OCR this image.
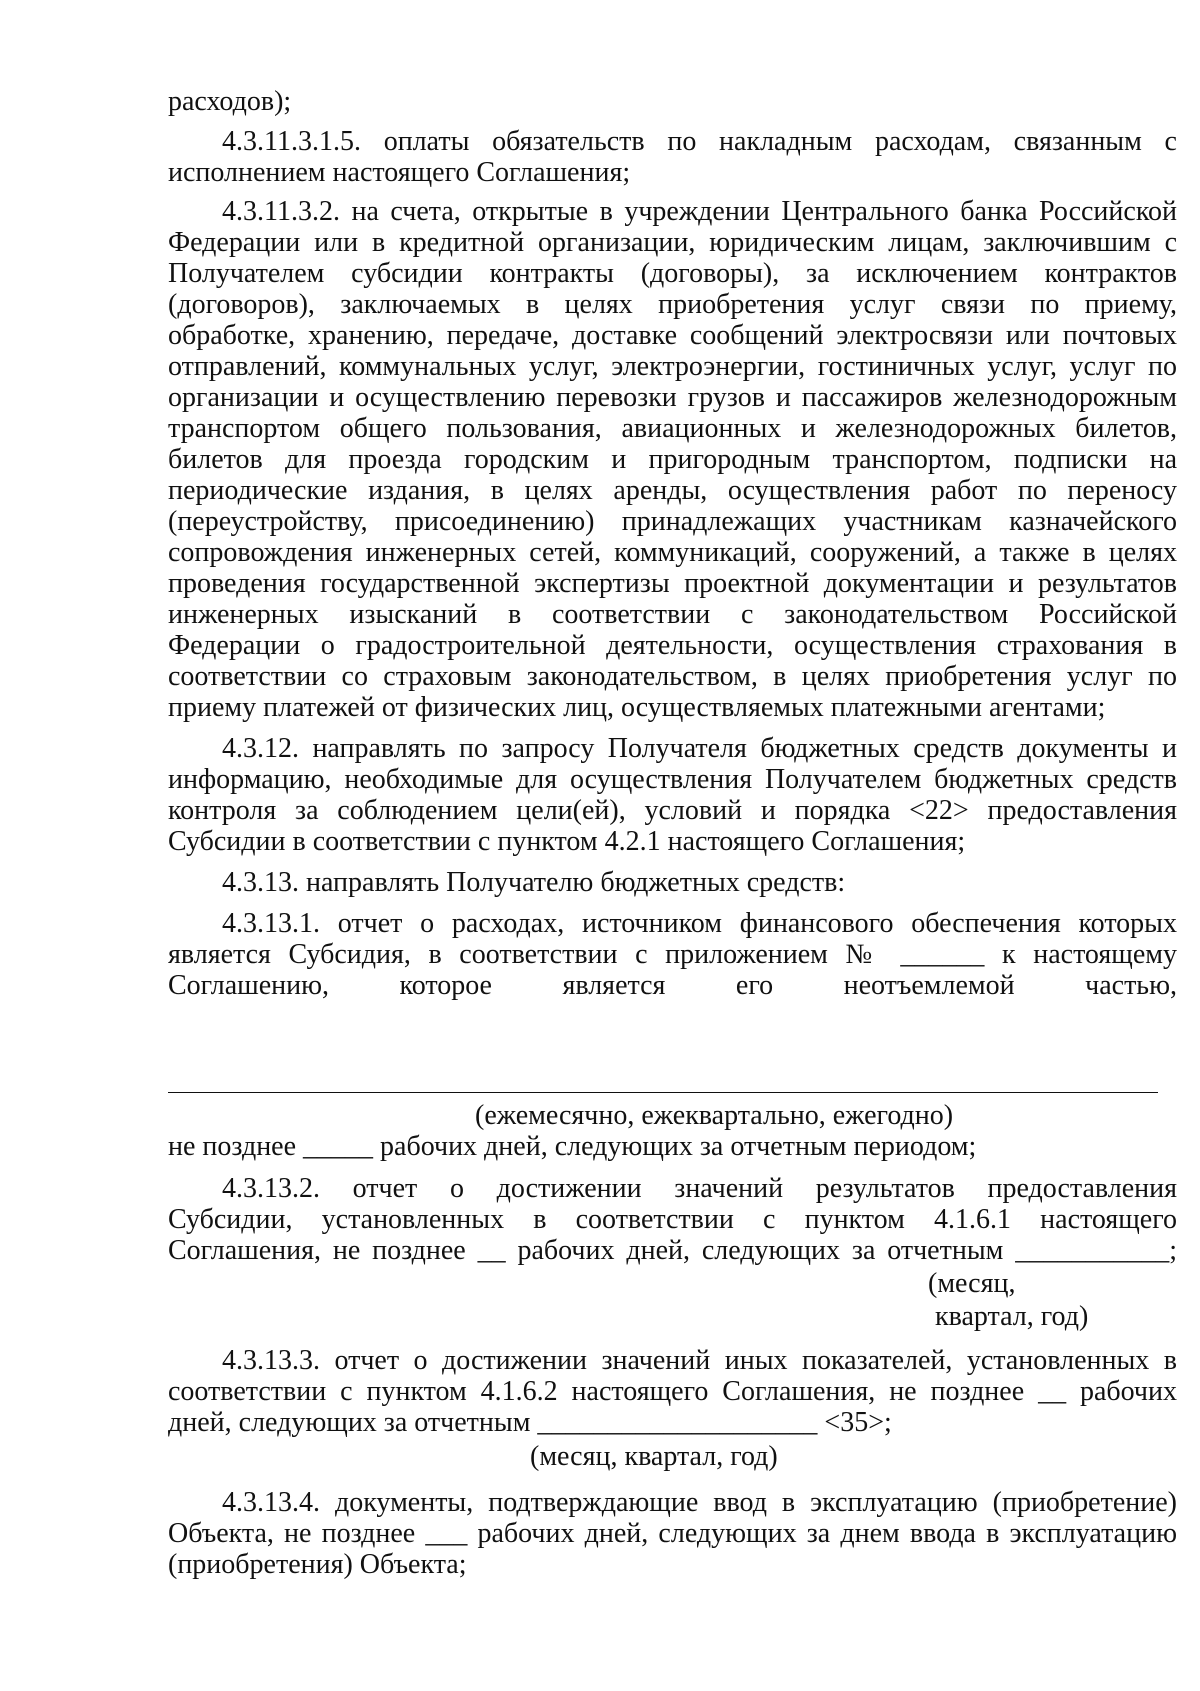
расходов);
4.3.11.3.1.5. оплаты обязательств по накладным расходам, связанным с
исполнением настоящего Соглашения;
4.3.11.3.2. на счета, открытые в учреждении Центрального банка Российской
Федерации или в кредитной организации, юридическим лицам, заключившим с
Получателем субсидии контракты (договоры), за исключением контрактов
(договоров), заключаемых в целях приобретения услуг связи по приему,
обработке, хранению, передаче, доставке сообщений электросвязи или почтовых
отправлений, коммунальных услуг, электроэнергии, гостиничных услуг, услуг по
организации и осуществлению перевозки грузов и пассажиров железнодорожным
транспортом общего пользования, авиационных и железнодорожных билетов,
билетов для проезда городским и пригородным транспортом, подписки на
периодические издания, в целях аренды, осуществления работ по переносу
(переустройству, присоединению) принадлежащих участникам казначейского
сопровождения инженерных сетей, коммуникаций, сооружений, а также в целях
проведения государственной экспертизы проектной документации и результатов
инженерных изысканий в соответствии с законодательством Российской
Федерации о градостроительной деятельности, осуществления страхования в
соответствии со страховым законодательством, в целях приобретения услуг по
приему платежей от физических лиц, осуществляемых платежными агентами;
4.3.12. направлять по запросу Получателя бюджетных средств документы и
информацию, необходимые для осуществления Получателем бюджетных средств
контроля за соблюдением цели(ей), условий и порядка <22> предоставления
Субсидии в соответствии с пунктом 4.2.1 настоящего Соглашения;
4.3.13. направлять Получателю бюджетных средств:
4.3.13.1. отчет о расходах, источником финансового обеспечения которых
является Субсидия, в соответствии с приложением № ______ к настоящему
Соглашению, которое является его неотъемлемой частью,
(ежемесячно, ежеквартально, ежегодно)
не позднее _____ рабочих дней, следующих за отчетным периодом;
4.3.13.2. отчет о достижении значений результатов предоставления
Субсидии, установленных в соответствии с пунктом 4.1.6.1 настоящего
Соглашения, не позднее __ рабочих дней, следующих за отчетным ___________;
(месяц,
квартал, год)
4.3.13.3. отчет о достижении значений иных показателей, установленных в
соответствии с пунктом 4.1.6.2 настоящего Соглашения, не позднее __ рабочих
дней, следующих за отчетным ____________________ <35>;
(месяц, квартал, год)
4.3.13.4. документы, подтверждающие ввод в эксплуатацию (приобретение)
Объекта, не позднее ___ рабочих дней, следующих за днем ввода в эксплуатацию
(приобретения) Объекта;
